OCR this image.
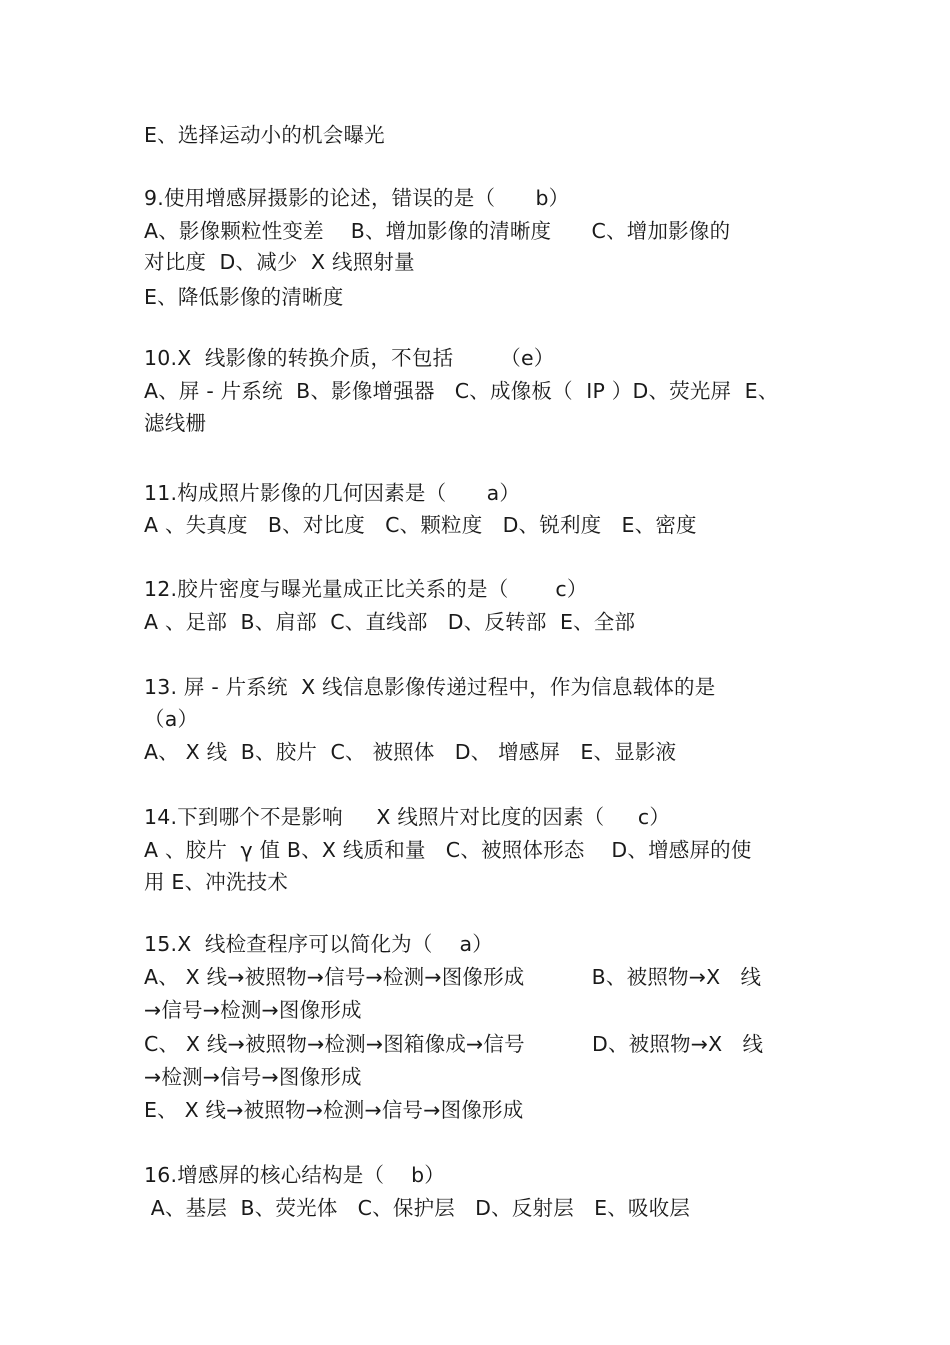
E、选择运动小的机会曝光
9.使用增感屏摄影的论述，错误的是（      b）
A、影像颗粒性变差    B、增加影像的清晰度      C、增加影像的
对比度  D、减少  X 线照射量
E、降低影像的清晰度
10.X  线影像的转换介质，不包括       （e）
A、屏 - 片系统  B、影像增强器   C、成像板（  IP ）D、荧光屏  E、
滤线栅
11.构成照片影像的几何因素是（      a）
A 、失真度   B、对比度   C、颗粒度   D、锐利度   E、密度
12.胶片密度与曝光量成正比关系的是（       c）
A 、足部  B、肩部  C、直线部   D、反转部  E、全部
13. 屏 - 片系统  X 线信息影像传递过程中，作为信息载体的是
（a）
A、 X 线  B、胶片  C、 被照体   D、 增感屏   E、显影液
14.下到哪个不是影响     X 线照片对比度的因素（     c）
A 、胶片  γ 值 B、X 线质和量   C、被照体形态    D、增感屏的使
用 E、冲洗技术
15.X  线检查程序可以简化为（    a）
A、 X 线→被照物→信号→检测→图像形成          B、被照物→X   线
→信号→检测→图像形成
C、 X 线→被照物→检测→图箱像成→信号          D、被照物→X   线
→检测→信号→图像形成
E、 X 线→被照物→检测→信号→图像形成
16.增感屏的核心结构是（    b）
A、基层  B、荧光体   C、保护层   D、反射层   E、吸收层
